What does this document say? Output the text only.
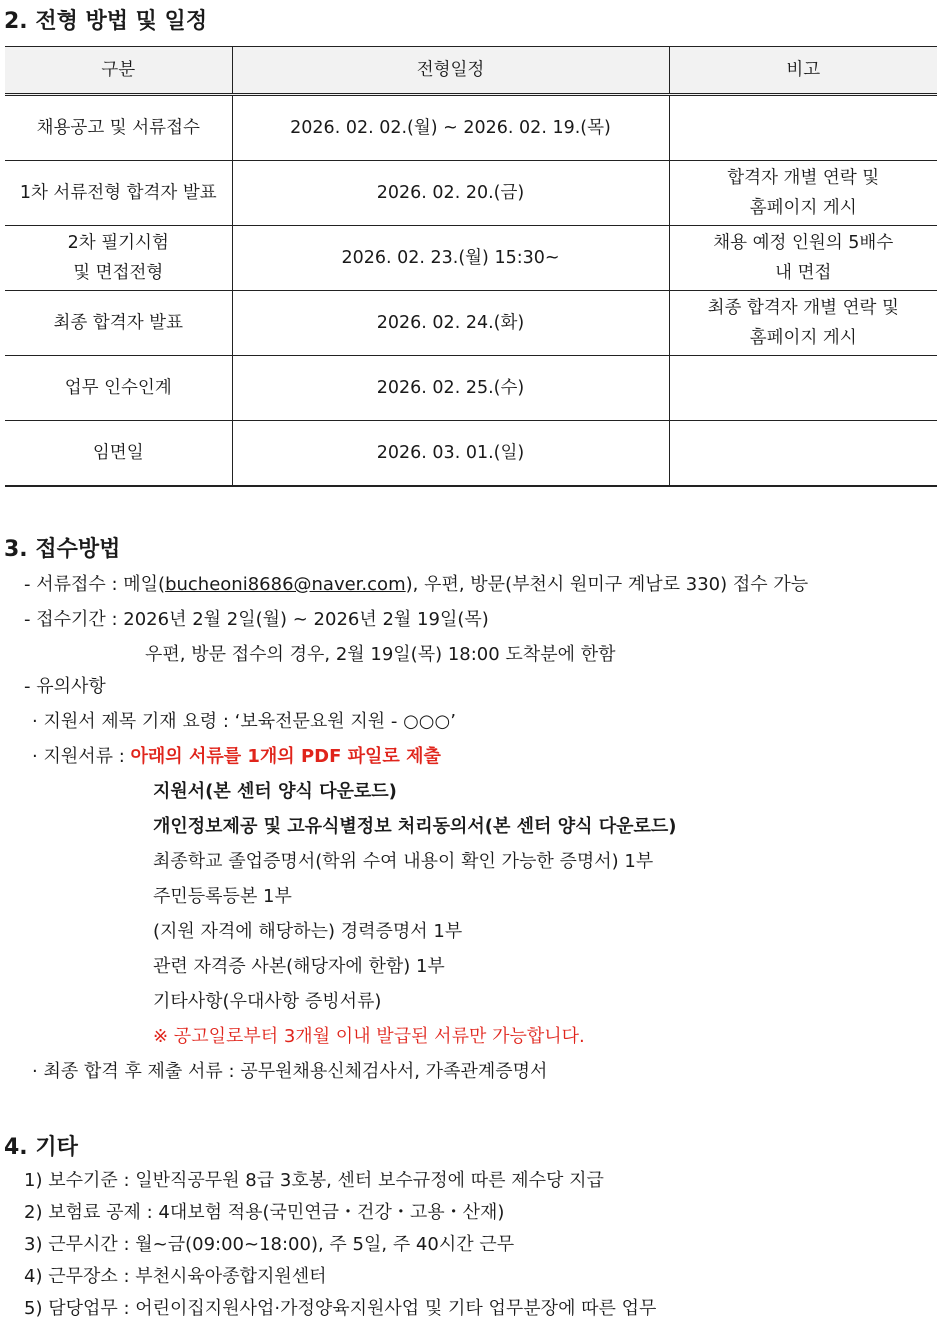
2. 전형 방법 및 일정
구분	전형일정	비고

채용공고 및 서류접수	2026. 02. 02.(월) ~ 2026. 02. 19.(목)	

1차 서류전형 합격자 발표	2026. 02. 20.(금)	합격자 개별 연락 및
홈페이지 게시

2차 필기시험
및 면접전형	2026. 02. 23.(월) 15:30~	채용 예정 인원의 5배수
내 면접

최종 합격자 발표	2026. 02. 24.(화)	최종 합격자 개별 연락 및
홈페이지 게시

업무 인수인계	2026. 02. 25.(수)	

임면일	2026. 03. 01.(일)	
3. 접수방법
- 서류접수 : 메일(bucheoni8686@naver.com), 우편, 방문(부천시 원미구 계남로 330) 접수 가능
- 접수기간 : 2026년 2월 2일(월) ~ 2026년 2월 19일(목)
우편, 방문 접수의 경우, 2월 19일(목) 18:00 도착분에 한함
- 유의사항
· 지원서 제목 기재 요령 : ‘보육전문요원 지원 - ○○○’
· 지원서류 : 아래의 서류를 1개의 PDF 파일로 제출
지원서(본 센터 양식 다운로드)
개인정보제공 및 고유식별정보 처리동의서(본 센터 양식 다운로드)
최종학교 졸업증명서(학위 수여 내용이 확인 가능한 증명서) 1부
주민등록등본 1부
(지원 자격에 해당하는) 경력증명서 1부
관련 자격증 사본(해당자에 한함) 1부
기타사항(우대사항 증빙서류)
※ 공고일로부터 3개월 이내 발급된 서류만 가능합니다.
· 최종 합격 후 제출 서류 : 공무원채용신체검사서, 가족관계증명서
4. 기타
1) 보수기준 : 일반직공무원 8급 3호봉, 센터 보수규정에 따른 제수당 지급
2) 보험료 공제 : 4대보험 적용(국민연금・건강・고용・산재)
3) 근무시간 : 월~금(09:00~18:00), 주 5일, 주 40시간 근무
4) 근무장소 : 부천시육아종합지원센터
5) 담당업무 : 어린이집지원사업·가정양육지원사업 및 기타 업무분장에 따른 업무
